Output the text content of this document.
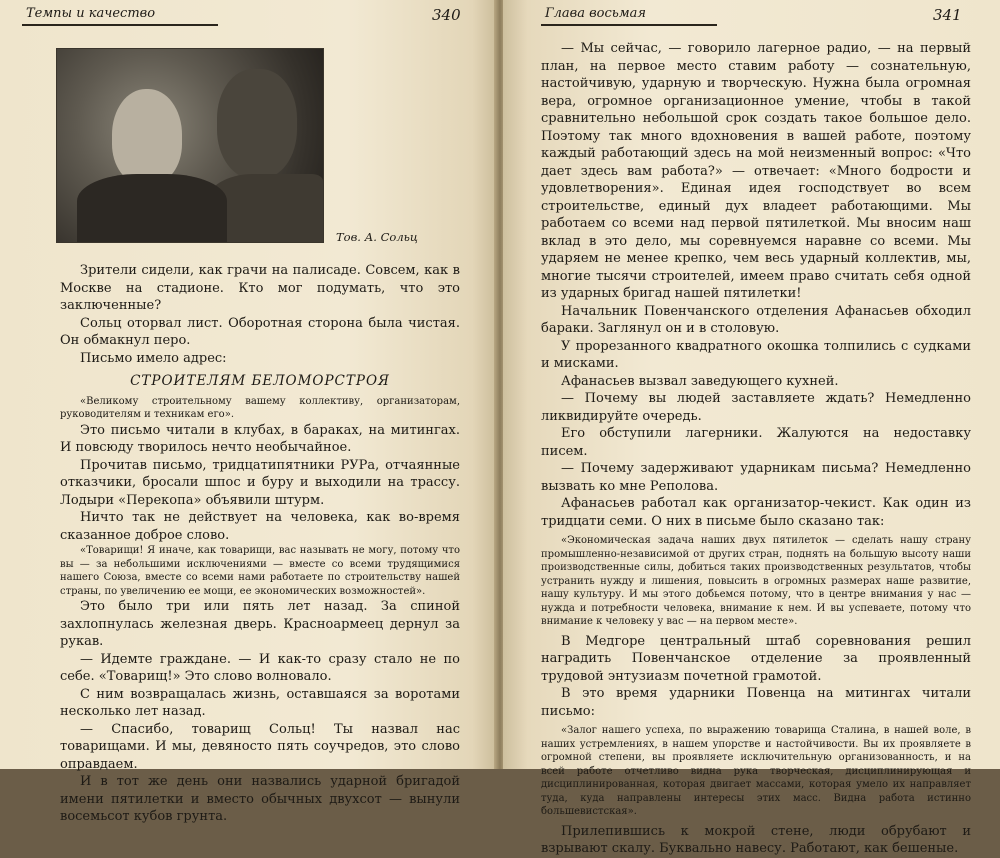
Темпы и качество	340
Тов. А. Сольц

Зрители сидели, как грачи на палисаде. Совсем, как в Москве на стадионе. Кто мог подумать, что это заключенные?

Сольц оторвал лист. Оборотная сторона была чистая. Он обмакнул перо.

Письмо имело адрес:

СТРОИТЕЛЯМ БЕЛОМОРСТРОЯ

«Великому строительному вашему коллективу, организаторам, руководителям и техникам его».

Это письмо читали в клубах, в бараках, на митингах. И повсюду творилось нечто необычайное.

Прочитав письмо, тридцатипятники РУРа, отчаянные отказчики, бросали шпос и буру и выходили на трассу. Лодыри «Перекопа» объявили штурм.

Ничто так не действует на человека, как во-время сказанное доброе слово.

«Товарищи! Я иначе, как товарищи, вас называть не могу, потому что вы — за небольшими исключениями — вместе со всеми трудящимися нашего Союза, вместе со всеми нами работаете по строительству нашей страны, по увеличению ее мощи, ее экономических возможностей».

Это было три или пять лет назад. За спиной захлопнулась железная дверь. Красноармеец дернул за рукав.

— Идемте граждане. — И как-то сразу стало не по себе. «Товарищ!» Это слово волновало.

С ним возвращалась жизнь, оставшаяся за воротами несколько лет назад.

— Спасибо, товарищ Сольц! Ты назвал нас товарищами. И мы, девяносто пять соучредов, это слово оправдаем.

И в тот же день они назвались ударной бригадой имени пятилетки и вместо обычных двухсот — вынули восемьсот кубов грунта.

Глава восьмая	341

— Мы сейчас, — говорило лагерное радио, — на первый план, на первое место ставим работу — сознательную, настойчивую, ударную и творческую. Нужна была огромная вера, огромное организационное умение, чтобы в такой сравнительно небольшой срок создать такое большое дело. Поэтому так много вдохновения в вашей работе, поэтому каждый работающий здесь на мой неизменный вопрос: «Что дает здесь вам работа?» — отвечает: «Много бодрости и удовлетворения». Единая идея господствует во всем строительстве, единый дух владеет работающими. Мы работаем со всеми над первой пятилеткой. Мы вносим наш вклад в это дело, мы соревнуемся наравне со всеми. Мы ударяем не менее крепко, чем весь ударный коллектив, мы, многие тысячи строителей, имеем право считать себя одной из ударных бригад нашей пятилетки!

Начальник Повенчанского отделения Афанасьев обходил бараки. Заглянул он и в столовую.

У прорезанного квадратного окошка толпились с судками и мисками.

Афанасьев вызвал заведующего кухней.

— Почему вы людей заставляете ждать? Немедленно ликвидируйте очередь.

Его обступили лагерники. Жалуются на недоставку писем.

— Почему задерживают ударникам письма? Немедленно вызвать ко мне Реполова.

Афанасьев работал как организатор-чекист. Как один из тридцати семи. О них в письме было сказано так:

«Экономическая задача наших двух пятилеток — сделать нашу страну промышленно-независимой от других стран, поднять на большую высоту наши производственные силы, добиться таких производственных результатов, чтобы устранить нужду и лишения, повысить в огромных размерах наше развитие, нашу культуру. И мы этого добьемся потому, что в центре внимания у нас — нужда и потребности человека, внимание к нем. И вы успеваете, потому что внимание к человеку у вас — на первом месте».

В Медгоре центральный штаб соревнования решил наградить Повенчанское отделение за проявленный трудовой энтузиазм почетной грамотой.

В это время ударники Повенца на митингах читали письмо:

«Залог нашего успеха, по выражению товарища Сталина, в нашей воле, в наших устремлениях, в нашем упорстве и настойчивости. Вы их проявляете в огромной степени, вы проявляете исключительную организованность, и на всей работе отчетливо видна рука творческая, дисциплинирующая и дисциплинированная, которая двигает массами, которая умело их направляет туда, куда направлены интересы этих масс. Видна работа истинно большевистская».

Прилепившись к мокрой стене, люди обрубают и взрывают скалу. Буквально навесу. Работают, как бешеные.
